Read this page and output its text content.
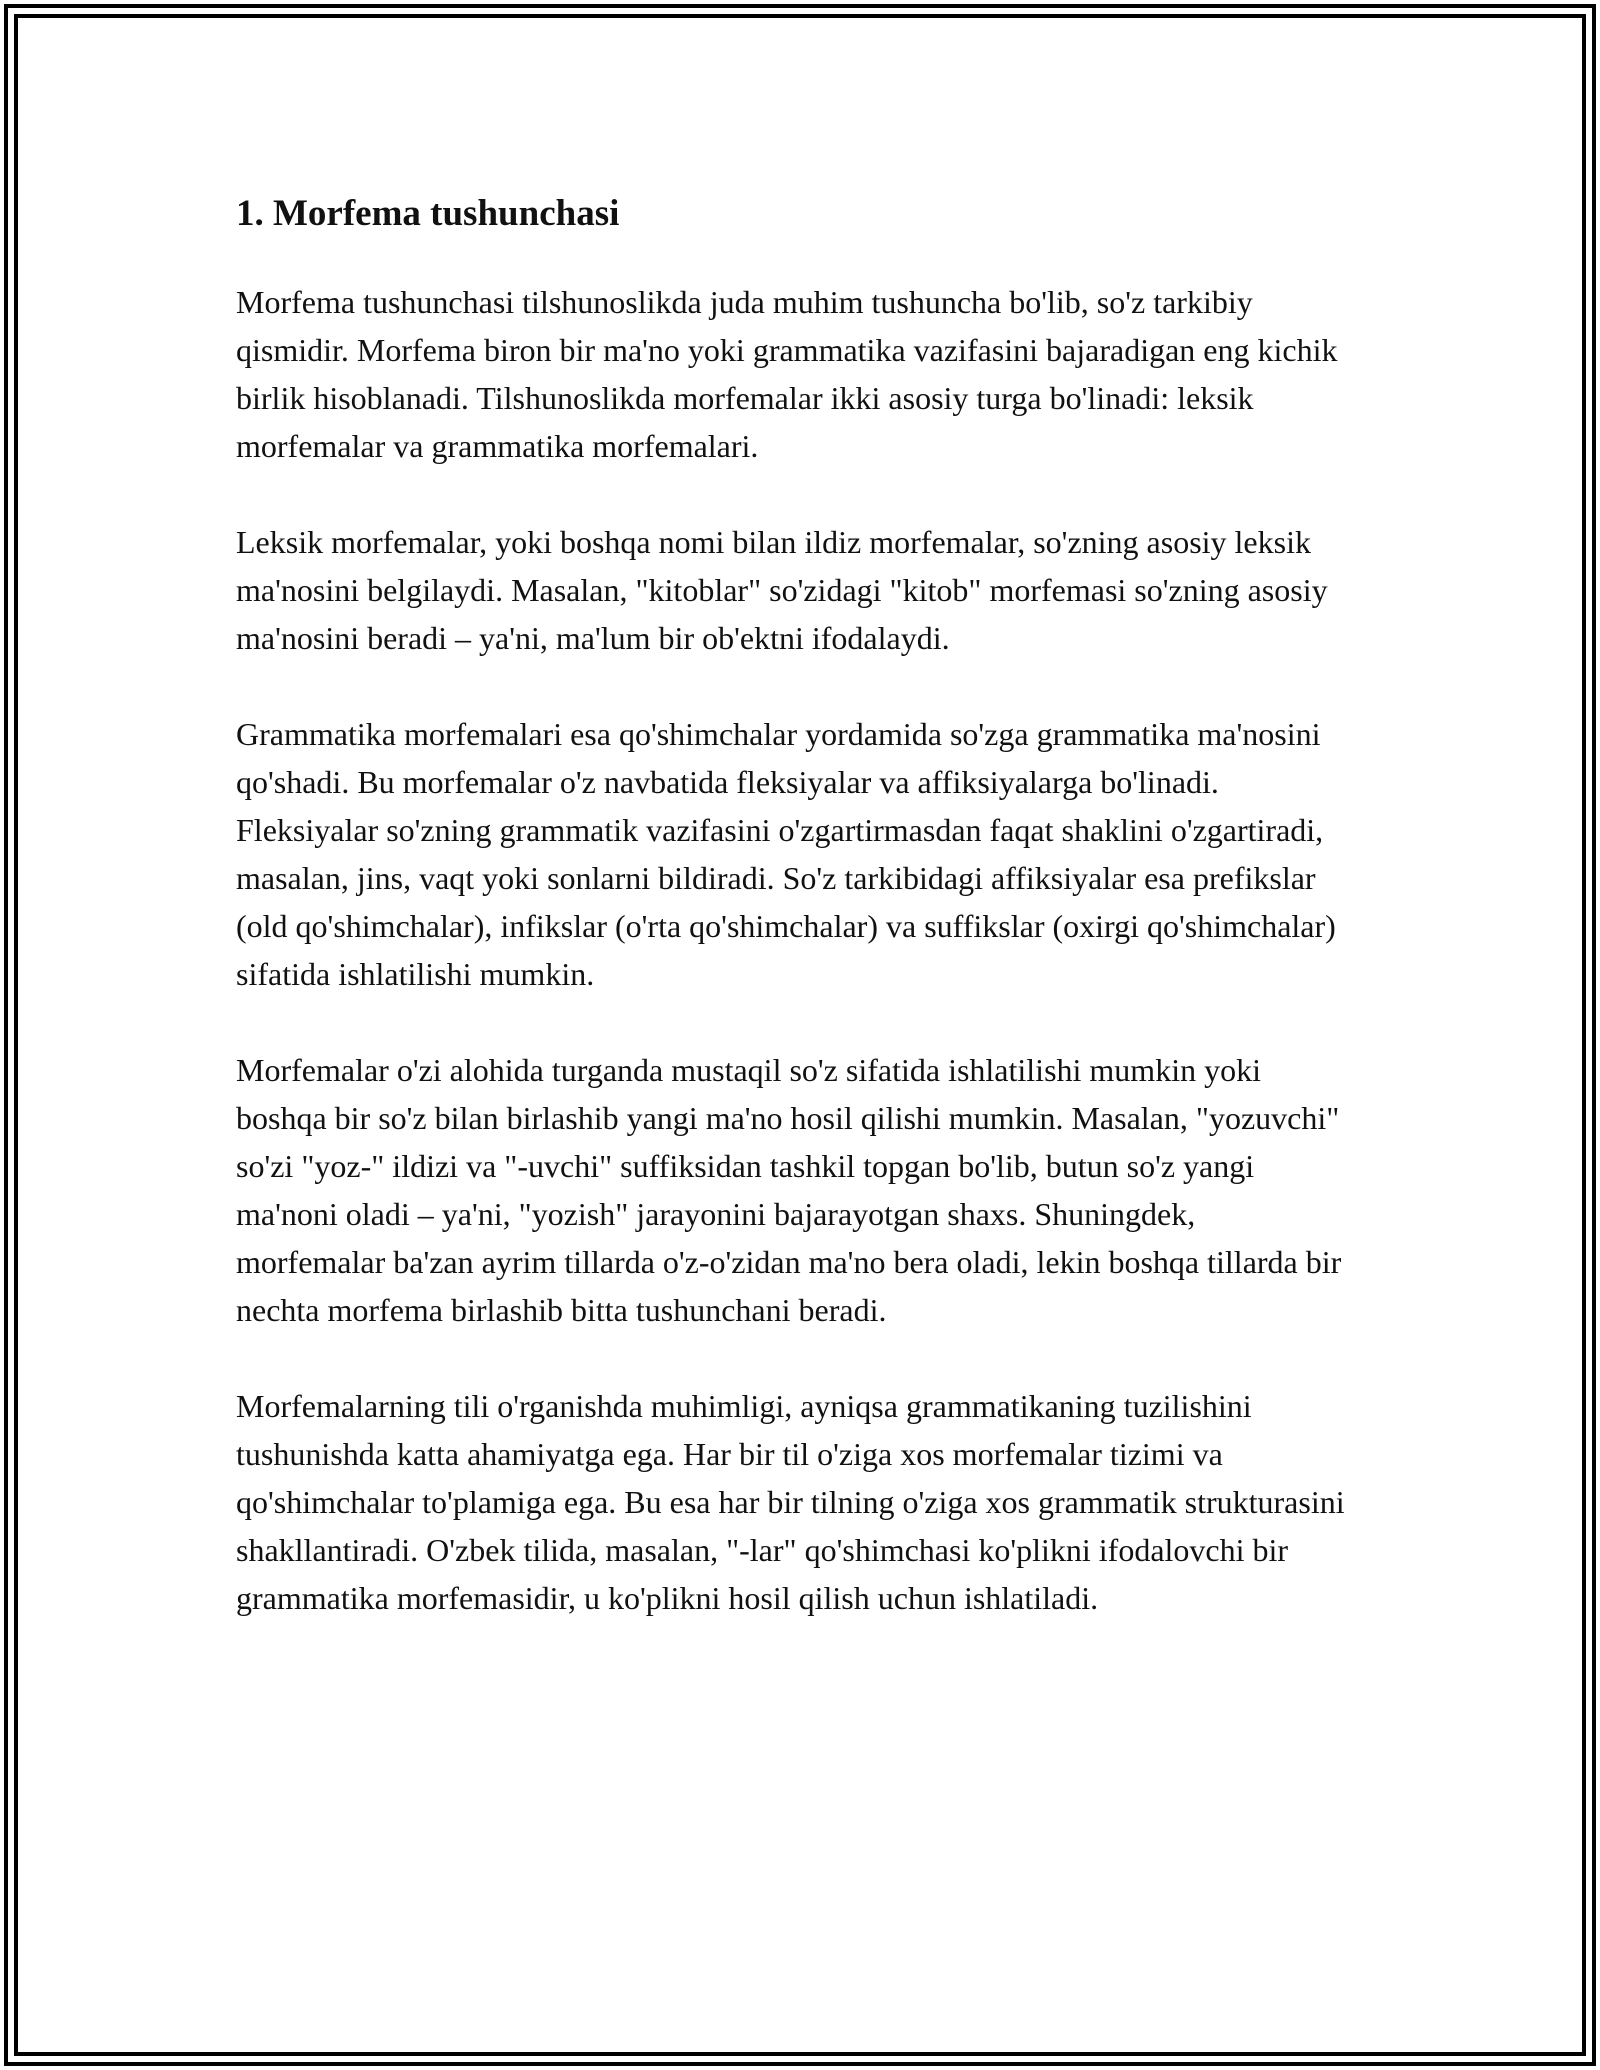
1. Morfema tushunchasi

Morfema tushunchasi tilshunoslikda juda muhim tushuncha bo'lib, so'z tarkibiy qismidir. Morfema biron bir ma'no yoki grammatika vazifasini bajaradigan eng kichik birlik hisoblanadi. Tilshunoslikda morfemalar ikki asosiy turga bo'linadi: leksik morfemalar va grammatika morfemalari.

Leksik morfemalar, yoki boshqa nomi bilan ildiz morfemalar, so'zning asosiy leksik ma'nosini belgilaydi. Masalan, "kitoblar" so'zidagi "kitob" morfemasi so'zning asosiy ma'nosini beradi – ya'ni, ma'lum bir ob'ektni ifodalaydi.

Grammatika morfemalari esa qo'shimchalar yordamida so'zga grammatika ma'nosini qo'shadi. Bu morfemalar o'z navbatida fleksiyalar va affiksiyalarga bo'linadi. Fleksiyalar so'zning grammatik vazifasini o'zgartirmasdan faqat shaklini o'zgartiradi, masalan, jins, vaqt yoki sonlarni bildiradi. So'z tarkibidagi affiksiyalar esa prefikslar (old qo'shimchalar), infikslar (o'rta qo'shimchalar) va suffikslar (oxirgi qo'shimchalar) sifatida ishlatilishi mumkin.

Morfemalar o'zi alohida turganda mustaqil so'z sifatida ishlatilishi mumkin yoki boshqa bir so'z bilan birlashib yangi ma'no hosil qilishi mumkin. Masalan, "yozuvchi" so'zi "yoz-" ildizi va "-uvchi" suffiksidan tashkil topgan bo'lib, butun so'z yangi ma'noni oladi – ya'ni, "yozish" jarayonini bajarayotgan shaxs. Shuningdek, morfemalar ba'zan ayrim tillarda o'z-o'zidan ma'no bera oladi, lekin boshqa tillarda bir nechta morfema birlashib bitta tushunchani beradi.

Morfemalarning tili o'rganishda muhimligi, ayniqsa grammatikaning tuzilishini tushunishda katta ahamiyatga ega. Har bir til o'ziga xos morfemalar tizimi va qo'shimchalar to'plamiga ega. Bu esa har bir tilning o'ziga xos grammatik strukturasini shakllantiradi. O'zbek tilida, masalan, "-lar" qo'shimchasi ko'plikni ifodalovchi bir grammatika morfemasidir, u ko'plikni hosil qilish uchun ishlatiladi.
